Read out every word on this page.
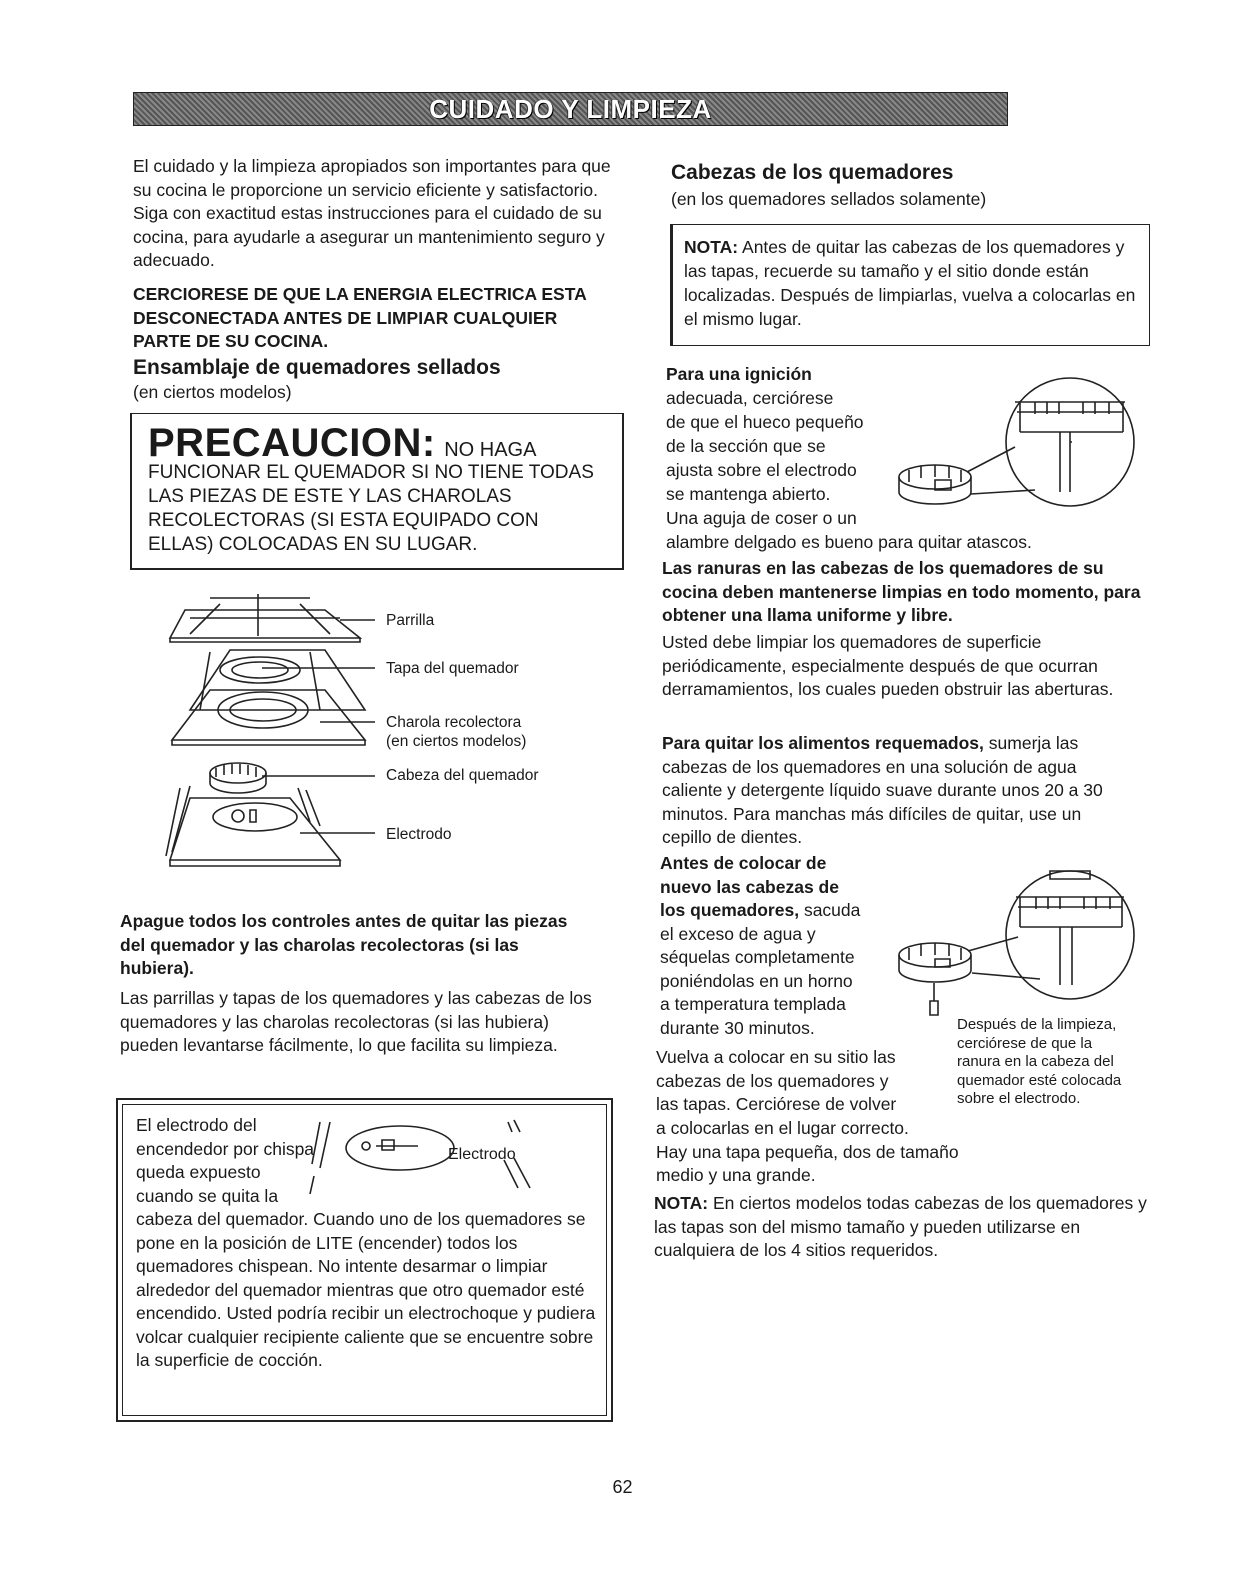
CUIDADO Y LIMPIEZA

El cuidado y la limpieza apropiados son importantes para que su cocina le proporcione un servicio eficiente y satisfactorio. Siga con exactitud estas instrucciones para el cuidado de su cocina, para ayudarle a asegurar un mantenimiento seguro y adecuado.

CERCIORESE DE QUE LA ENERGIA ELECTRICA ESTA DESCONECTADA ANTES DE LIMPIAR CUALQUIER PARTE DE SU COCINA.

Ensamblaje de quemadores sellados

(en ciertos modelos)

PRECAUCION: NO HAGA
FUNCIONAR EL QUEMADOR SI NO TIENE TODAS LAS PIEZAS DE ESTE Y LAS CHAROLAS RECOLECTORAS (SI ESTA EQUIPADO CON ELLAS) COLOCADAS EN SU LUGAR.
Parrilla
Tapa del quemador
Charola recolectora
(en ciertos modelos)
Cabeza del quemador
Electrodo

Apague todos los controles antes de quitar las piezas del quemador y las charolas recolectoras (si las hubiera).

Las parrillas y tapas de los quemadores y las cabezas de los quemadores y las charolas recolectoras (si las hubiera) pueden levantarse fácilmente, lo que facilita su limpieza.

El electrodo del
encendedor por chispa
queda expuesto
cuando se quita la
Electrodo
cabeza del quemador. Cuando uno de los quemadores se pone en la posición de LITE (encender) todos los quemadores chispean. No intente desarmar o limpiar alrededor del quemador mientras que otro quemador esté encendido. Usted podría recibir un electrochoque y pudiera volcar cualquier recipiente caliente que se encuentre sobre la superficie de cocción.

Cabezas de los quemadores

(en los quemadores sellados solamente)

NOTA: Antes de quitar las cabezas de los quemadores y las tapas, recuerde su tamaño y el sitio donde están localizadas. Después de limpiarlas, vuelva a colocarlas en el mismo lugar.
Para una ignición
adecuada, cerciórese
de que el hueco pequeño
de la sección que se
ajusta sobre el electrodo
se mantenga abierto.
Una aguja de coser o un
alambre delgado es bueno para quitar atascos.

Las ranuras en las cabezas de los quemadores de su cocina deben mantenerse limpias en todo momento, para obtener una llama uniforme y libre.

Usted debe limpiar los quemadores de superficie periódicamente, especialmente después de que ocurran derramamientos, los cuales pueden obstruir las aberturas.

Para quitar los alimentos requemados, sumerja las cabezas de los quemadores en una solución de agua caliente y detergente líquido suave durante unos 20 a 30 minutos. Para manchas más difíciles de quitar, use un cepillo de dientes.

Antes de colocar de
nuevo las cabezas de
los quemadores, sacuda
el exceso de agua y
séquelas completamente
poniéndolas en un horno
a temperatura templada
durante 30 minutos.	Después de la limpieza,
cerciórese de que la
ranura en la cabeza del
quemador esté colocada
sobre el electrodo.
Vuelva a colocar en su sitio las
cabezas de los quemadores y
las tapas. Cerciórese de volver
a colocarlas en el lugar correcto.
Hay una tapa pequeña, dos de tamaño
medio y una grande.

NOTA: En ciertos modelos todas cabezas de los quemadores y las tapas son del mismo tamaño y pueden utilizarse en cualquiera de los 4 sitios requeridos.

62
